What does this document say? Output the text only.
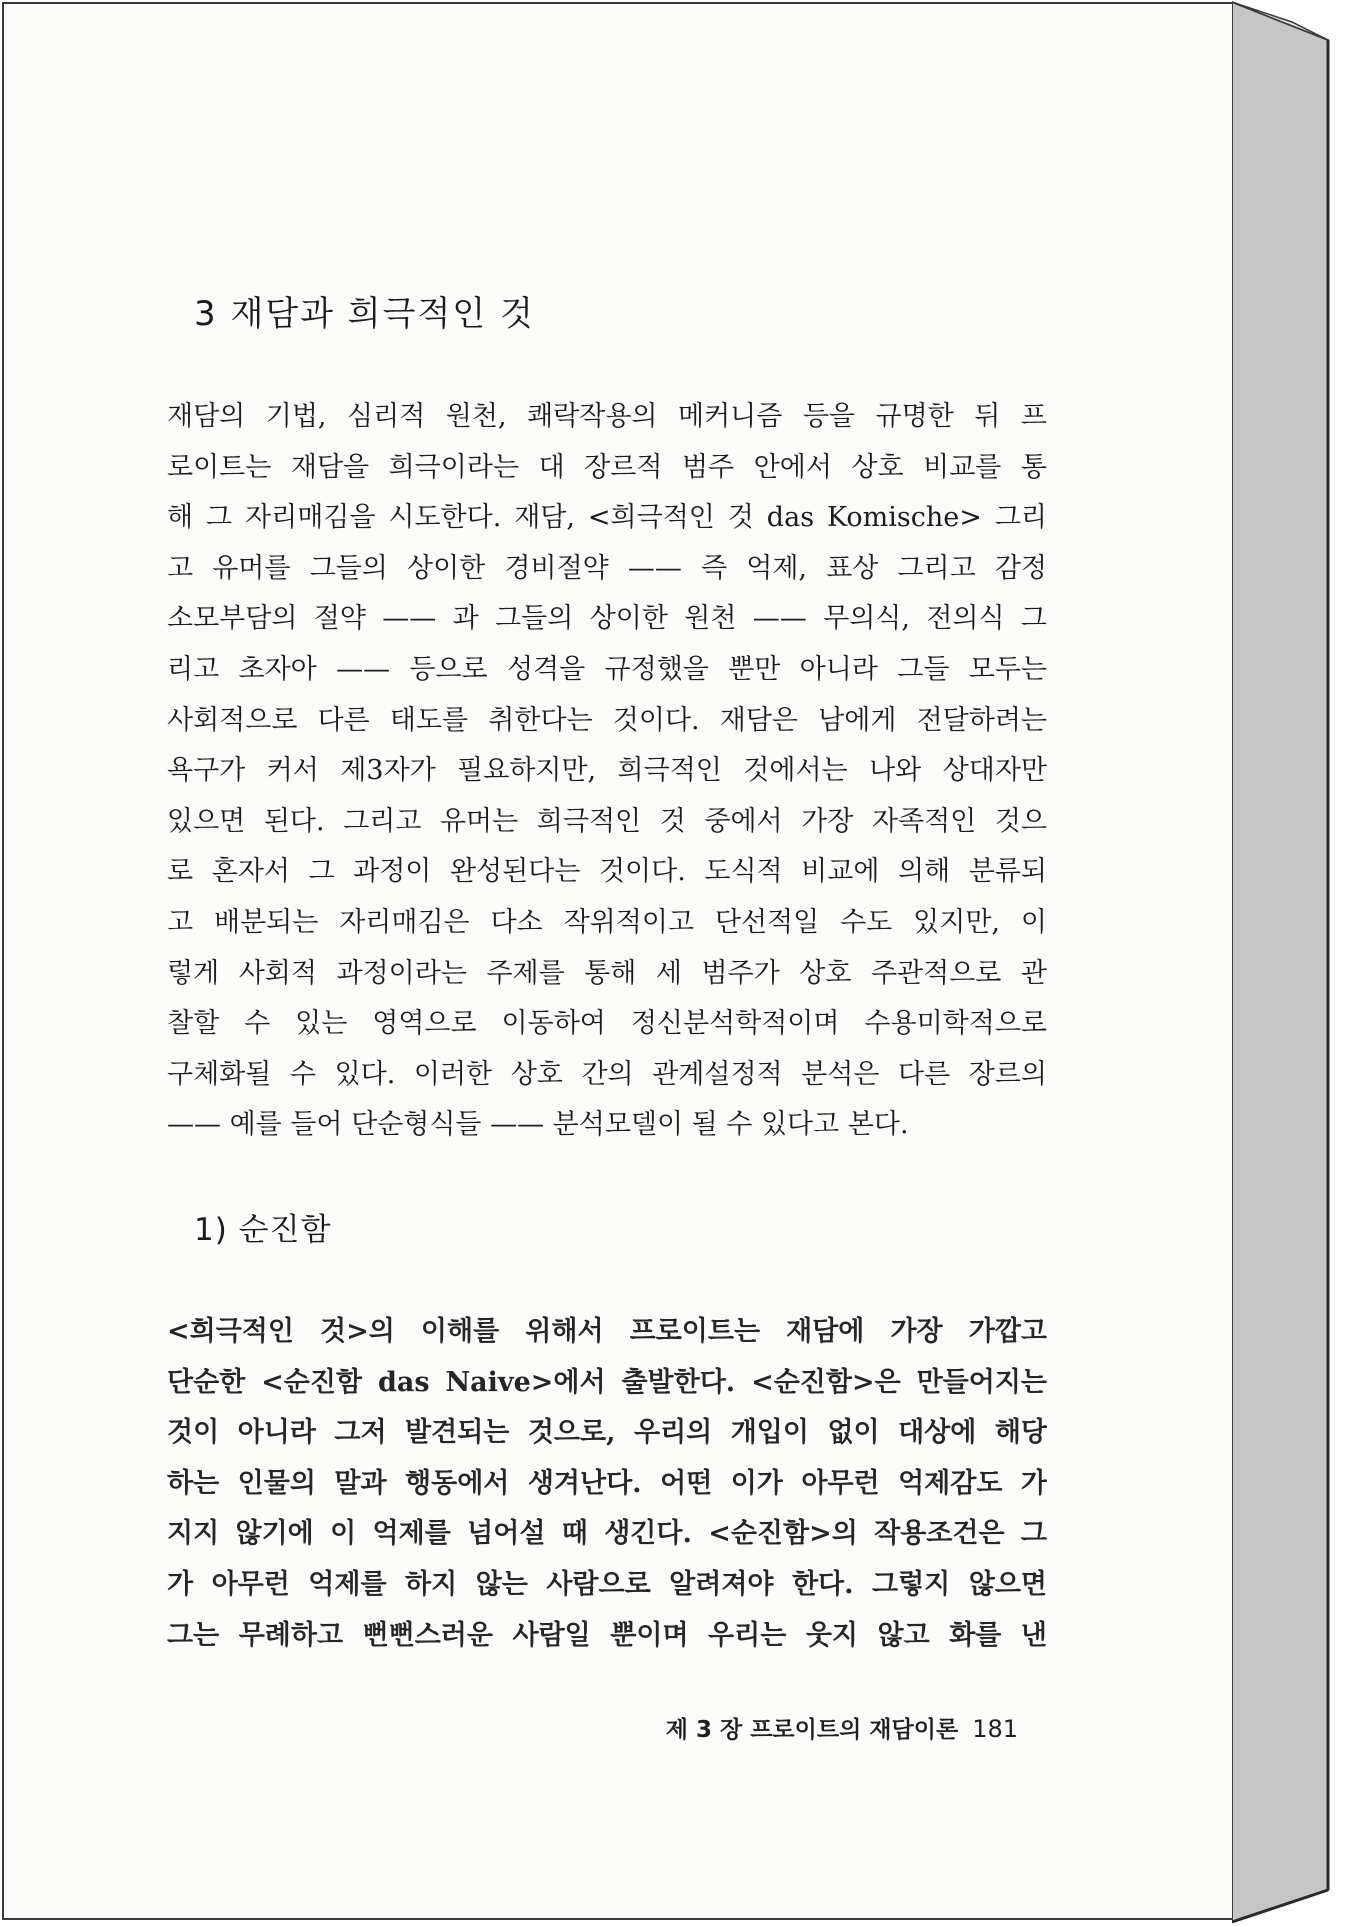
3 재담과 희극적인 것
재담의 기법, 심리적 원천, 쾌락작용의 메커니즘 등을 규명한 뒤 프
로이트는 재담을 희극이라는 대 장르적 범주 안에서 상호 비교를 통
해 그 자리매김을 시도한다. 재담, <희극적인 것 das Komische> 그리
고 유머를 그들의 상이한 경비절약 —— 즉 억제, 표상 그리고 감정
소모부담의 절약 —— 과 그들의 상이한 원천 —— 무의식, 전의식 그
리고 초자아 —— 등으로 성격을 규정했을 뿐만 아니라 그들 모두는
사회적으로 다른 태도를 취한다는 것이다. 재담은 남에게 전달하려는
욕구가 커서 제3자가 필요하지만, 희극적인 것에서는 나와 상대자만
있으면 된다. 그리고 유머는 희극적인 것 중에서 가장 자족적인 것으
로 혼자서 그 과정이 완성된다는 것이다. 도식적 비교에 의해 분류되
고 배분되는 자리매김은 다소 작위적이고 단선적일 수도 있지만, 이
렇게 사회적 과정이라는 주제를 통해 세 범주가 상호 주관적으로 관
찰할 수 있는 영역으로 이동하여 정신분석학적이며 수용미학적으로
구체화될 수 있다. 이러한 상호 간의 관계설정적 분석은 다른 장르의
—— 예를 들어 단순형식들 —— 분석모델이 될 수 있다고 본다.
1) 순진함
<희극적인 것>의 이해를 위해서 프로이트는 재담에 가장 가깝고
단순한 <순진함 das Naive>에서 출발한다. <순진함>은 만들어지는
것이 아니라 그저 발견되는 것으로, 우리의 개입이 없이 대상에 해당
하는 인물의 말과 행동에서 생겨난다. 어떤 이가 아무런 억제감도 가
지지 않기에 이 억제를 넘어설 때 생긴다. <순진함>의 작용조건은 그
가 아무런 억제를 하지 않는 사람으로 알려져야 한다. 그렇지 않으면
그는 무례하고 뻔뻔스러운 사람일 뿐이며 우리는 웃지 않고 화를 낸
제 3 장 프로이트의 재담이론 181
